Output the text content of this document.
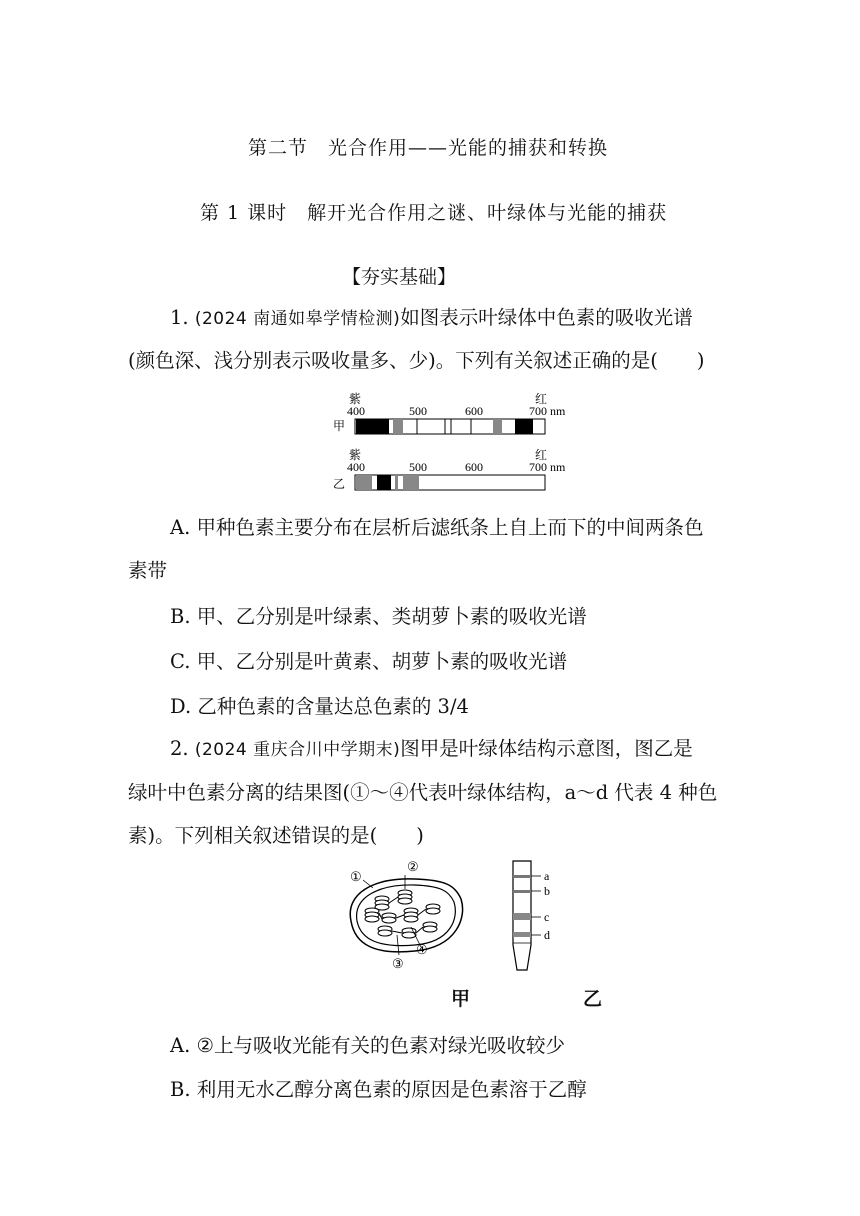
第二节　光合作用——光能的捕获和转换
第 1 课时　解开光合作用之谜、叶绿体与光能的捕获
【夯实基础】
1. (2024 南通如皋学情检测)如图表示叶绿体中色素的吸收光谱
(颜色深、浅分别表示吸收量多、少)。下列有关叙述正确的是(　　)
紫	红
400	500	600	700 nm
甲
紫	红
400	500	600	700 nm
乙
A. 甲种色素主要分布在层析后滤纸条上自上而下的中间两条色
素带
B. 甲、乙分别是叶绿素、类胡萝卜素的吸收光谱
C. 甲、乙分别是叶黄素、胡萝卜素的吸收光谱
D. 乙种色素的含量达总色素的 3/4
2. (2024 重庆合川中学期末)图甲是叶绿体结构示意图，图乙是
绿叶中色素分离的结果图(①～④代表叶绿体结构，a～d 代表 4 种色
素)。下列相关叙述错误的是(　　)
①
②
③
④
a
b
c
d
甲	乙
A. ②上与吸收光能有关的色素对绿光吸收较少
B. 利用无水乙醇分离色素的原因是色素溶于乙醇
